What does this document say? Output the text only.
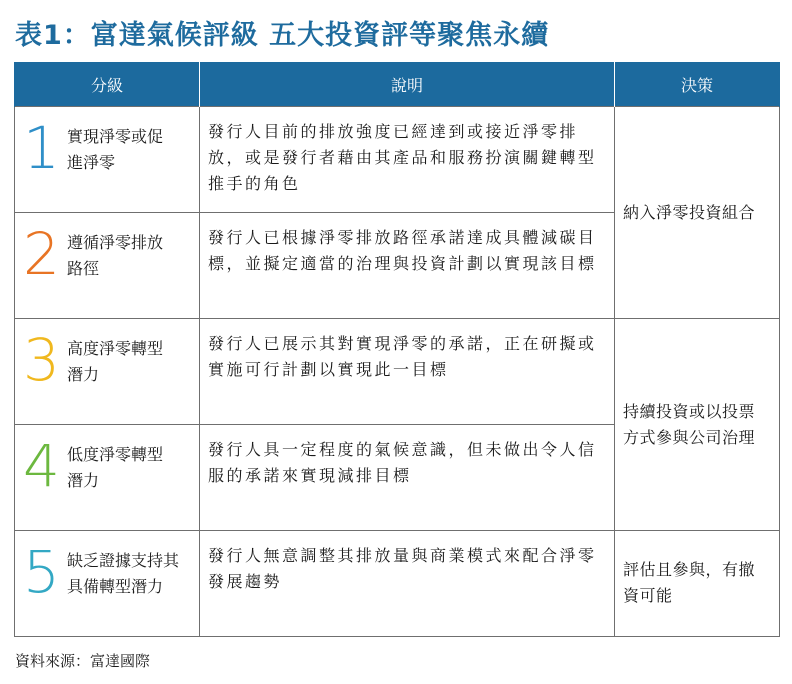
表1：富達氣候評級 五大投資評等聚焦永續
分級	說明	決策

1 實現淨零或促進淨零	發行人目前的排放強度已經達到或接近淨零排放，或是發行者藉由其產品和服務扮演關鍵轉型推手的角色	納入淨零投資組合

2 遵循淨零排放路徑	發行人已根據淨零排放路徑承諾達成具體減碳目標，並擬定適當的治理與投資計劃以實現該目標	

3 高度淨零轉型潛力	發行人已展示其對實現淨零的承諾，正在研擬或實施可行計劃以實現此一目標	持續投資或以投票方式參與公司治理

4 低度淨零轉型潛力	發行人具一定程度的氣候意識，但未做出令人信服的承諾來實現減排目標	

5 缺乏證據支持其具備轉型潛力	發行人無意調整其排放量與商業模式來配合淨零發展趨勢	評估且參與，有撤資可能
資料來源：富達國際
